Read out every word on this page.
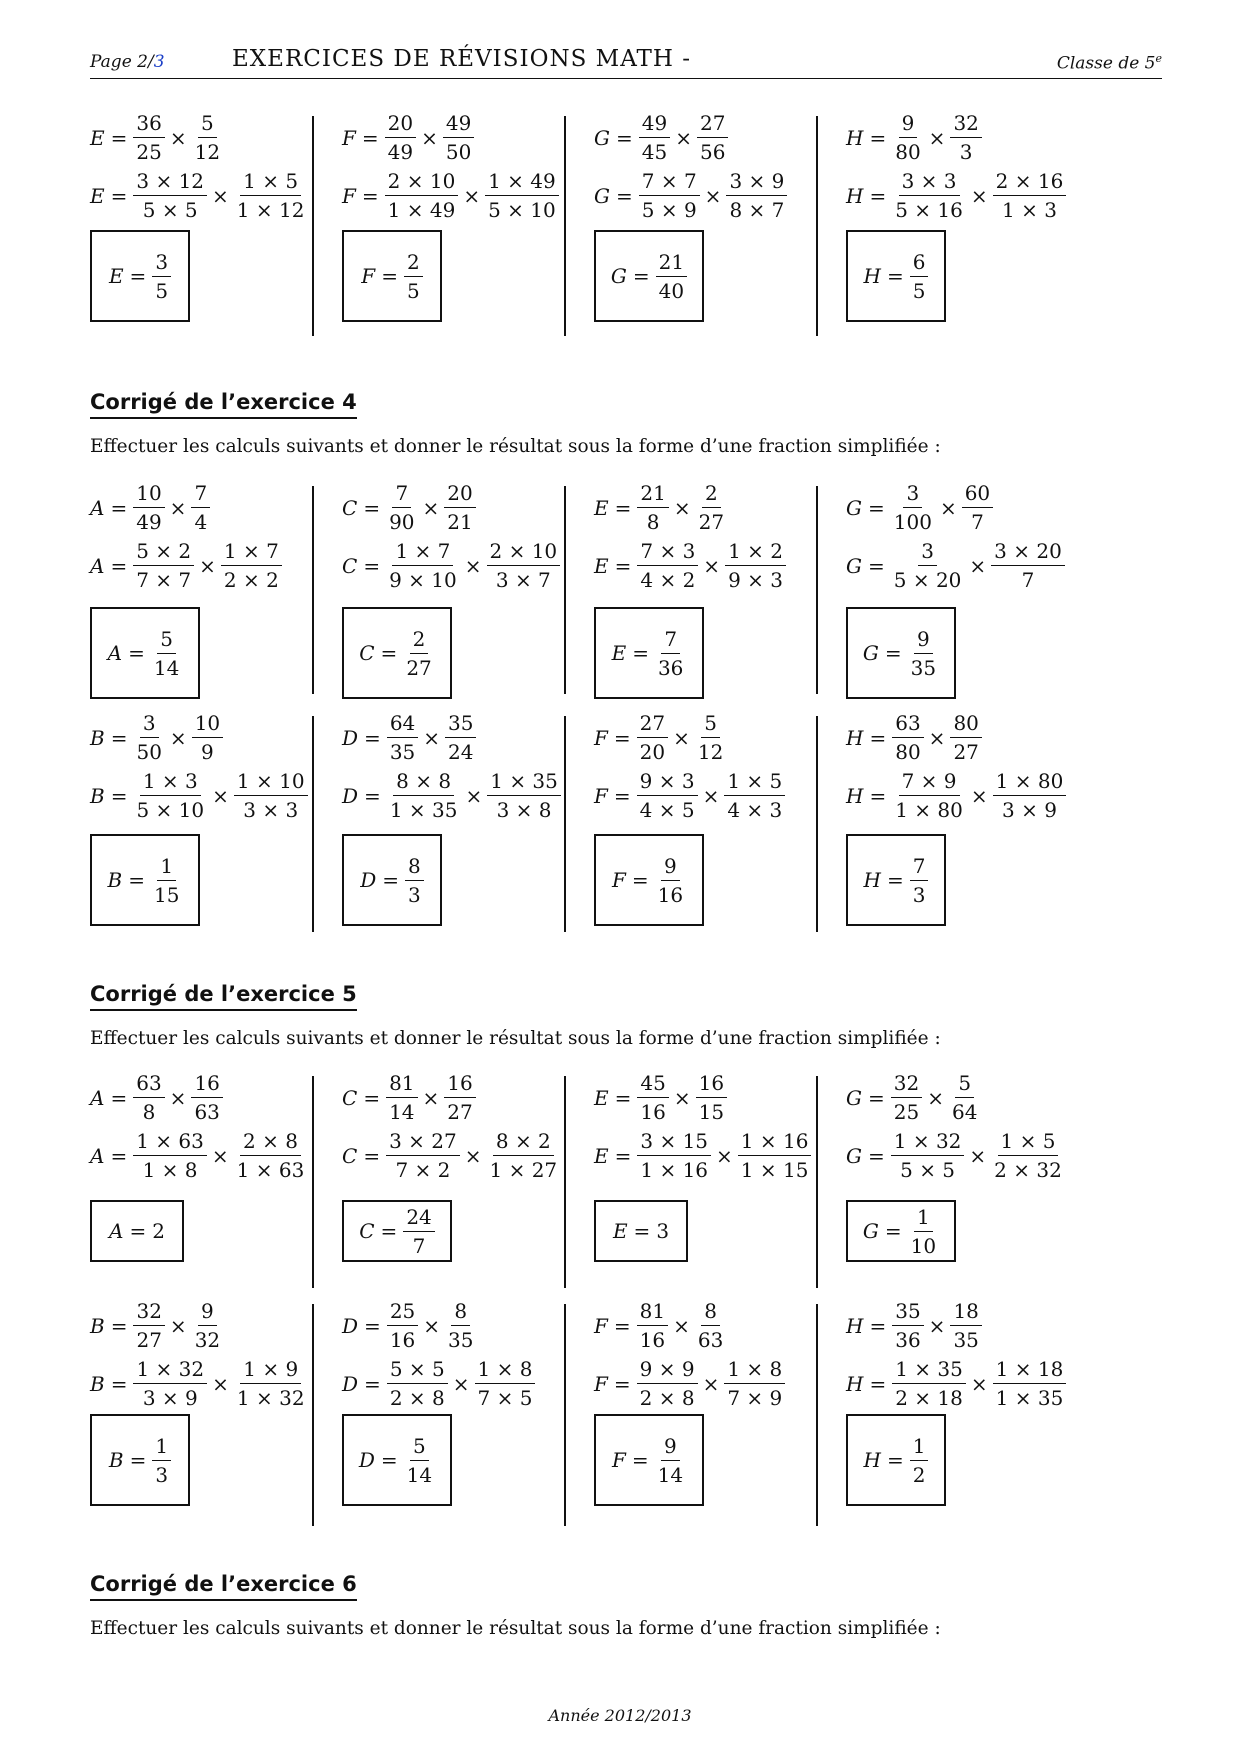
Page 2/3	EXERCICES DE RÉVISIONS MATH -	Classe de 5e
$E = \frac{36}{25} \times \frac{5}{12}$
$E = \frac{3 \times 12}{5 \times 5} \times \frac{1 \times 5}{1 \times 12}$
$E = \frac{3}{5}$
$F = \frac{20}{49} \times \frac{49}{50}$
$F = \frac{2 \times 10}{1 \times 49} \times \frac{1 \times 49}{5 \times 10}$
$F = \frac{2}{5}$
$G = \frac{49}{45} \times \frac{27}{56}$
$G = \frac{7 \times 7}{5 \times 9} \times \frac{3 \times 9}{8 \times 7}$
$G = \frac{21}{40}$
$H = \frac{9}{80} \times \frac{32}{3}$
$H = \frac{3 \times 3}{5 \times 16} \times \frac{2 \times 16}{1 \times 3}$
$H = \frac{6}{5}$
Corrigé de l’exercice 4
Effectuer les calculs suivants et donner le résultat sous la forme d’une fraction simplifiée :
$A = \frac{10}{49} \times \frac{7}{4}$
$A = \frac{5 \times 2}{7 \times 7} \times \frac{1 \times 7}{2 \times 2}$
$A = \frac{5}{14}$
$C = \frac{7}{90} \times \frac{20}{21}$
$C = \frac{1 \times 7}{9 \times 10} \times \frac{2 \times 10}{3 \times 7}$
$C = \frac{2}{27}$
$E = \frac{21}{8} \times \frac{2}{27}$
$E = \frac{7 \times 3}{4 \times 2} \times \frac{1 \times 2}{9 \times 3}$
$E = \frac{7}{36}$
$G = \frac{3}{100} \times \frac{60}{7}$
$G = \frac{3}{5 \times 20} \times \frac{3 \times 20}{7}$
$G = \frac{9}{35}$
$B = \frac{3}{50} \times \frac{10}{9}$
$B = \frac{1 \times 3}{5 \times 10} \times \frac{1 \times 10}{3 \times 3}$
$B = \frac{1}{15}$
$D = \frac{64}{35} \times \frac{35}{24}$
$D = \frac{8 \times 8}{1 \times 35} \times \frac{1 \times 35}{3 \times 8}$
$D = \frac{8}{3}$
$F = \frac{27}{20} \times \frac{5}{12}$
$F = \frac{9 \times 3}{4 \times 5} \times \frac{1 \times 5}{4 \times 3}$
$F = \frac{9}{16}$
$H = \frac{63}{80} \times \frac{80}{27}$
$H = \frac{7 \times 9}{1 \times 80} \times \frac{1 \times 80}{3 \times 9}$
$H = \frac{7}{3}$
Corrigé de l’exercice 5
Effectuer les calculs suivants et donner le résultat sous la forme d’une fraction simplifiée :
$A = \frac{63}{8} \times \frac{16}{63}$
$A = \frac{1 \times 63}{1 \times 8} \times \frac{2 \times 8}{1 \times 63}$
A = 2
$C = \frac{81}{14} \times \frac{16}{27}$
$C = \frac{3 \times 27}{7 \times 2} \times \frac{8 \times 2}{1 \times 27}$
$C = \frac{24}{7}$
$E = \frac{45}{16} \times \frac{16}{15}$
$E = \frac{3 \times 15}{1 \times 16} \times \frac{1 \times 16}{1 \times 15}$
E = 3
$G = \frac{32}{25} \times \frac{5}{64}$
$G = \frac{1 \times 32}{5 \times 5} \times \frac{1 \times 5}{2 \times 32}$
$G = \frac{1}{10}$
$B = \frac{32}{27} \times \frac{9}{32}$
$B = \frac{1 \times 32}{3 \times 9} \times \frac{1 \times 9}{1 \times 32}$
$B = \frac{1}{3}$
$D = \frac{25}{16} \times \frac{8}{35}$
$D = \frac{5 \times 5}{2 \times 8} \times \frac{1 \times 8}{7 \times 5}$
$D = \frac{5}{14}$
$F = \frac{81}{16} \times \frac{8}{63}$
$F = \frac{9 \times 9}{2 \times 8} \times \frac{1 \times 8}{7 \times 9}$
$F = \frac{9}{14}$
$H = \frac{35}{36} \times \frac{18}{35}$
$H = \frac{1 \times 35}{2 \times 18} \times \frac{1 \times 18}{1 \times 35}$
$H = \frac{1}{2}$
Corrigé de l’exercice 6
Effectuer les calculs suivants et donner le résultat sous la forme d’une fraction simplifiée :
Année 2012/2013
